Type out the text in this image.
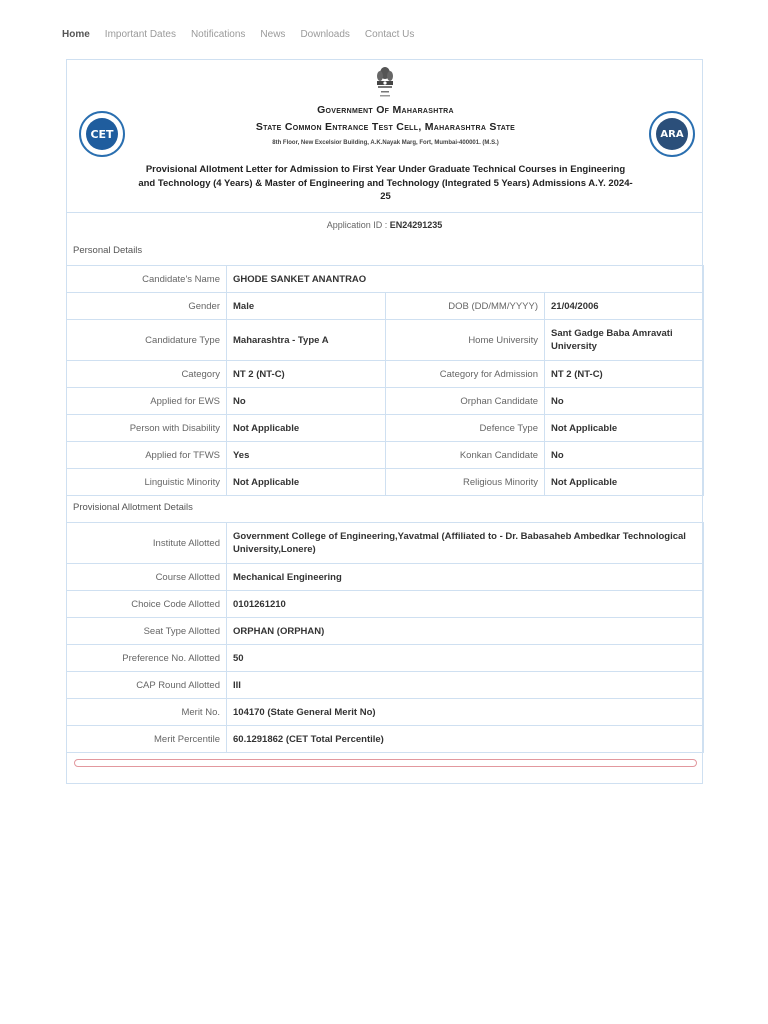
Home Important Dates Notifications News Downloads Contact Us
CET	ARA
Government Of Maharashtra
State Common Entrance Test Cell, Maharashtra State
8th Floor, New Excelsior Building, A.K.Nayak Marg, Fort, Mumbai-400001. (M.S.)
Provisional Allotment Letter for Admission to First Year Under Graduate Technical Courses in Engineering and Technology (4 Years) & Master of Engineering and Technology (Integrated 5 Years) Admissions A.Y. 2024-25
Application ID : EN24291235
Personal Details
Candidate's Name	GHODE SANKET ANANTRAO		
Gender	Male	DOB (DD/MM/YYYY)	21/04/2006
Candidature Type	Maharashtra - Type A	Home University	Sant Gadge Baba Amravati University
Category	NT 2 (NT-C)	Category for Admission	NT 2 (NT-C)
Applied for EWS	No	Orphan Candidate	No
Person with Disability	Not Applicable	Defence Type	Not Applicable
Applied for TFWS	Yes	Konkan Candidate	No
Linguistic Minority	Not Applicable	Religious Minority	Not Applicable
Provisional Allotment Details
Institute Allotted	Government College of Engineering,Yavatmal (Affiliated to - Dr. Babasaheb Ambedkar Technological University,Lonere)
Course Allotted	Mechanical Engineering
Choice Code Allotted	0101261210
Seat Type Allotted	ORPHAN (ORPHAN)
Preference No. Allotted	50
CAP Round Allotted	III
Merit No.	104170 (State General Merit No)
Merit Percentile	60.1291862 (CET Total Percentile)
